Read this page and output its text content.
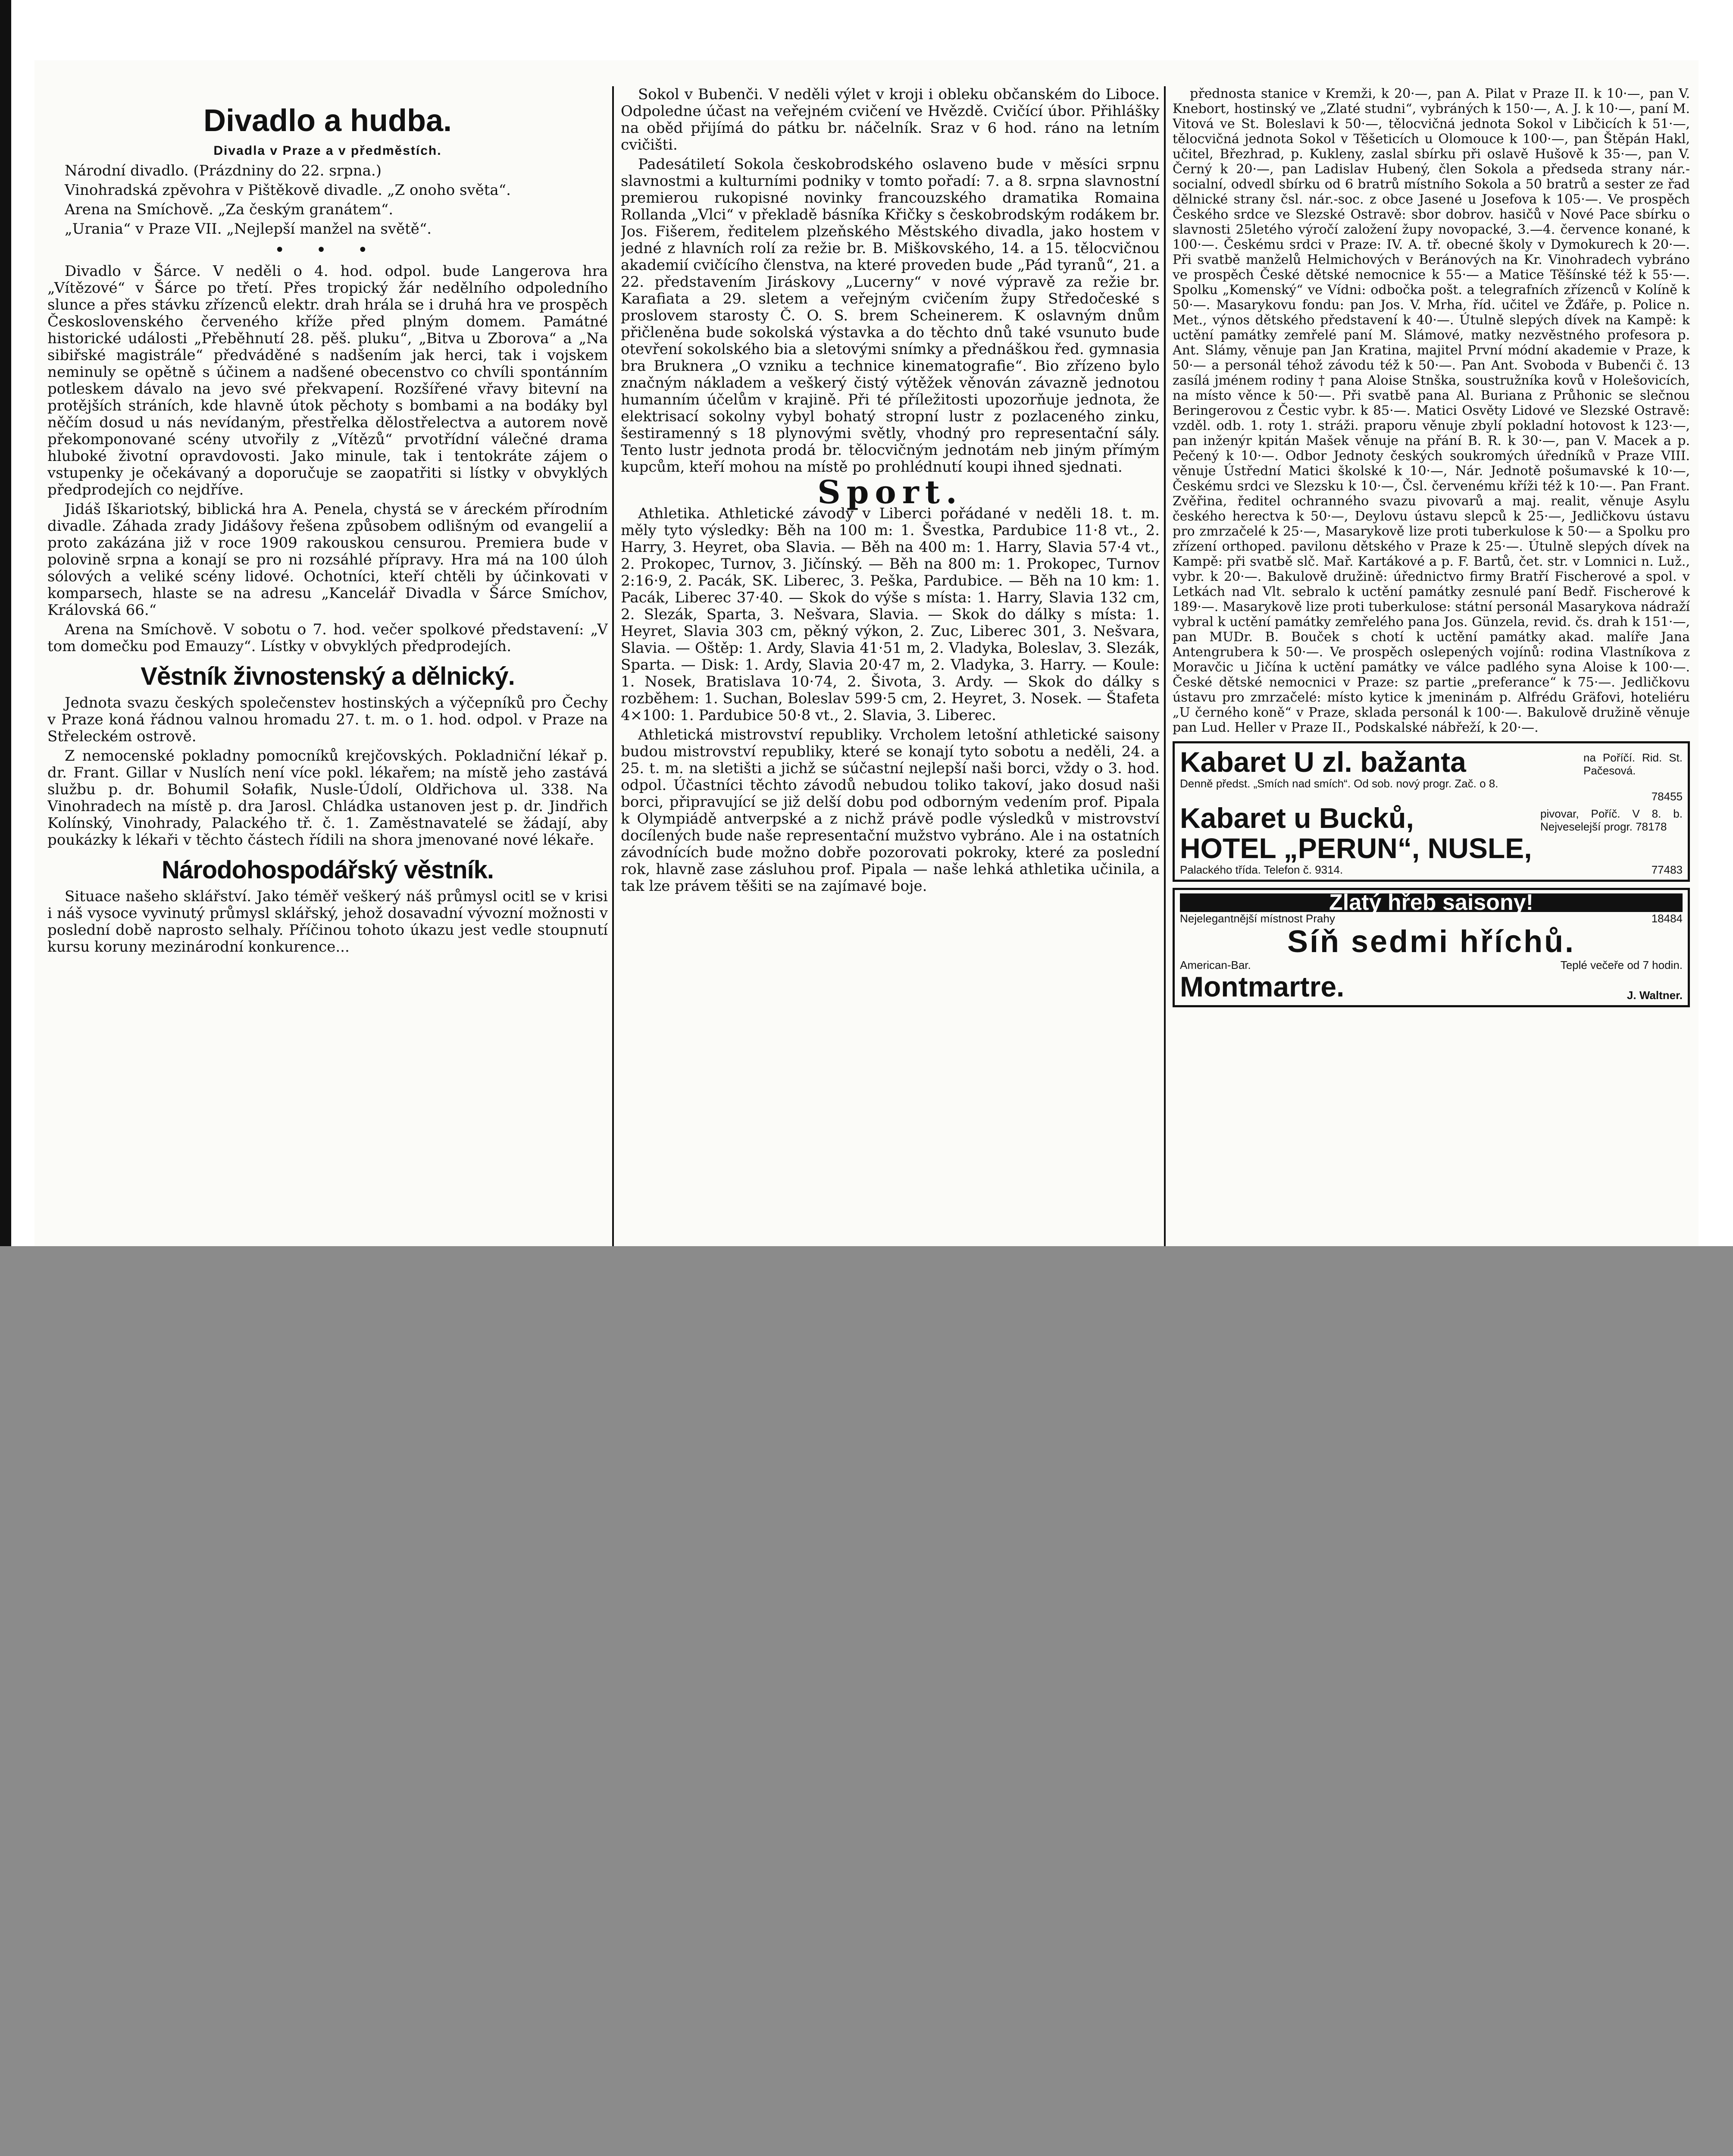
Divadlo a hudba.
Divadla v Praze a v předměstích.

Národní divadlo. (Prázdniny do 22. srpna.)

Vinohradská zpěvohra v Pištěkově divadle. „Z onoho světa“.

Arena na Smíchově. „Za českým granátem“.

„Urania“ v Praze VII. „Nejlepší manžel na světě“.

• • •

Divadlo v Šárce. V neděli o 4. hod. odpol. bude Langerova hra „Vítězové“ v Šárce po třetí. Přes tropický žár nedělního odpoledního slunce a přes stávku zřízenců elektr. drah hrála se i druhá hra ve prospěch Československého červeného kříže před plným domem. Památné historické události „Přeběhnutí 28. pěš. pluku“, „Bitva u Zborova“ a „Na sibiřské magistrále“ předváděné s nadšením jak herci, tak i vojskem neminuly se opětně s účinem a nadšené obecenstvo co chvíli spontánním potleskem dávalo na jevo své překvapení. Rozšířené vřavy bitevní na protějších stráních, kde hlavně útok pěchoty s bombami a na bodáky byl něčím dosud u nás nevídaným, přestřelka dělostřelectva a autorem nově překomponované scény utvořily z „Vítězů“ prvotřídní válečné drama hluboké životní opravdovosti. Jako minule, tak i tentokráte zájem o vstupenky je očekávaný a doporučuje se zaopatřiti si lístky v obvyklých předprodejích co nejdříve.

Jidáš Iškariotský, biblická hra A. Penela, chystá se v áreckém přírodním divadle. Záhada zrady Jidášovy řešena způsobem odlišným od evangelií a proto zakázána již v roce 1909 rakouskou censurou. Premiera bude v polovině srpna a konají se pro ni rozsáhlé přípravy. Hra má na 100 úloh sólových a veliké scény lidové. Ochotníci, kteří chtěli by účinkovati v komparsech, hlaste se na adresu „Kancelář Divadla v Šárce Smíchov, Královská 66.“

Arena na Smíchově. V sobotu o 7. hod. večer spolkové představení: „V tom domečku pod Emauzy“. Lístky v obvyklých předprodejích.

Věstník živnostenský a dělnický.

Jednota svazu českých společenstev hostinských a výčepníků pro Čechy v Praze koná řádnou valnou hromadu 27. t. m. o 1. hod. odpol. v Praze na Střeleckém ostrově.

Z nemocenské pokladny pomocníků krejčovských. Pokladniční lékař p. dr. Frant. Gillar v Nuslích není více pokl. lékařem; na místě jeho zastává službu p. dr. Bohumil Sołafik, Nusle-Údolí, Oldřichova ul. 338. Na Vinohradech na místě p. dra Jarosl. Chládka ustanoven jest p. dr. Jindřich Kolínský, Vinohrady, Palackého tř. č. 1. Zaměstnavatelé se žádají, aby poukázky k lékaři v těchto částech řídili na shora jmenované nové lékaře.

Národohospodářský věstník.

Situace našeho sklářství. Jako téměř veškerý náš průmysl ocitl se v krisi i náš vysoce vyvinutý průmysl sklářský, jehož dosavadní vývozní možnosti v poslední době naprosto selhaly. Příčinou tohoto úkazu jest vedle stoupnutí kursu koruny mezinárodní konkurence...

Sokol v Bubenči. V neděli výlet v kroji i obleku občanském do Liboce. Odpoledne účast na veřejném cvičení ve Hvězdě. Cvičící úbor. Přihlášky na oběd přijímá do pátku br. náčelník. Sraz v 6 hod. ráno na letním cvičišti.

Padesátiletí Sokola českobrodského oslaveno bude v měsíci srpnu slavnostmi a kulturními podniky v tomto pořadí: 7. a 8. srpna slavnostní premierou rukopisné novinky francouzského dramatika Romaina Rollanda „Vlci“ v překladě básníka Křičky s českobrodským rodákem br. Jos. Fišerem, ředitelem plzeňského Městského divadla, jako hostem v jedné z hlavních rolí za režie br. B. Miškovského, 14. a 15. tělocvičnou akademií cvičícího členstva, na které proveden bude „Pád tyranů“, 21. a 22. představením Jiráskovy „Lucerny“ v nové výpravě za režie br. Karafiata a 29. sletem a veřejným cvičením župy Středočeské s proslovem starosty Č. O. S. brem Scheinerem. K oslavným dnům přičleněna bude sokolská výstavka a do těchto dnů také vsunuto bude otevření sokolského bia a sletovými snímky a přednáškou řed. gymnasia bra Bruknera „O vzniku a technice kinematografie“. Bio zřízeno bylo značným nákladem a veškerý čistý výtěžek věnován závazně jednotou humanním účelům v krajině. Při té příležitosti upozorňuje jednota, že elektrisací sokolny vybyl bohatý stropní lustr z pozlaceného zinku, šestiramenný s 18 plynovými světly, vhodný pro representační sály. Tento lustr jednota prodá br. tělocvičným jednotám neb jiným přímým kupcům, kteří mohou na místě po prohlédnutí koupi ihned sjednati.

Sport.

Athletika. Athletické závody v Liberci pořádané v neděli 18. t. m. měly tyto výsledky: Běh na 100 m: 1. Švestka, Pardubice 11·8 vt., 2. Harry, 3. Heyret, oba Slavia. — Běh na 400 m: 1. Harry, Slavia 57·4 vt., 2. Prokopec, Turnov, 3. Jičínský. — Běh na 800 m: 1. Prokopec, Turnov 2:16·9, 2. Pacák, SK. Liberec, 3. Peška, Pardubice. — Běh na 10 km: 1. Pacák, Liberec 37·40. — Skok do výše s místa: 1. Harry, Slavia 132 cm, 2. Slezák, Sparta, 3. Nešvara, Slavia. — Skok do dálky s místa: 1. Heyret, Slavia 303 cm, pěkný výkon, 2. Zuc, Liberec 301, 3. Nešvara, Slavia. — Oštěp: 1. Ardy, Slavia 41·51 m, 2. Vladyka, Boleslav, 3. Slezák, Sparta. — Disk: 1. Ardy, Slavia 20·47 m, 2. Vladyka, 3. Harry. — Koule: 1. Nosek, Bratislava 10·74, 2. Šivota, 3. Ardy. — Skok do dálky s rozběhem: 1. Suchan, Boleslav 599·5 cm, 2. Heyret, 3. Nosek. — Štafeta 4×100: 1. Pardubice 50·8 vt., 2. Slavia, 3. Liberec.

Athletická mistrovství republiky. Vrcholem letošní athletické saisony budou mistrovství republiky, které se konají tyto sobotu a neděli, 24. a 25. t. m. na sletišti a jichž se súčastní nejlepší naši borci, vždy o 3. hod. odpol. Účastníci těchto závodů nebudou toliko takoví, jako dosud naši borci, připravující se již delší dobu pod odborným vedením prof. Pipala k Olympiádě antverpské a z nichž právě podle výsledků v mistrovství docílených bude naše representační mužstvo vybráno. Ale i na ostatních závodnících bude možno dobře pozorovati pokroky, které za poslední rok, hlavně zase zásluhou prof. Pipala — naše lehká athletika učinila, a tak lze právem těšiti se na zajímavé boje.

přednosta stanice v Kremži, k 20·—, pan A. Pilat v Praze II. k 10·—, pan V. Knebort, hostinský ve „Zlaté studni“, vybráných k 150·—, A. J. k 10·—, paní M. Vitová ve St. Boleslavi k 50·—, tělocvičná jednota Sokol v Libčicích k 51·—, tělocvičná jednota Sokol v Těšeticích u Olomouce k 100·—, pan Štěpán Hakl, učitel, Březhrad, p. Kukleny, zaslal sbírku při oslavě Hušově k 35·—, pan V. Černý k 20·—, pan Ladislav Hubený, člen Sokola a předseda strany nár.-socialní, odvedl sbírku od 6 bratrů místního Sokola a 50 bratrů a sester ze řad dělnické strany čsl. nár.-soc. z obce Jasené u Josefova k 105·—. Ve prospěch Českého srdce ve Slezské Ostravě: sbor dobrov. hasičů v Nové Pace sbírku o slavnosti 25letého výročí založení župy novopacké, 3.—4. července konané, k 100·—. Českému srdci v Praze: IV. A. tř. obecné školy v Dymokurech k 20·—. Při svatbě manželů Helmichových v Beránových na Kr. Vinohradech vybráno ve prospěch České dětské nemocnice k 55·— a Matice Těšínské též k 55·—. Spolku „Komenský“ ve Vídni: odbočka pošt. a telegrafních zřízenců v Kolíně k 50·—. Masarykovu fondu: pan Jos. V. Mrha, říd. učitel ve Žďáře, p. Police n. Met., výnos dětského představení k 40·—. Útulně slepých dívek na Kampě: k uctění památky zemřelé paní M. Slámové, matky nezvěstného profesora p. Ant. Slámy, věnuje pan Jan Kratina, majitel První módní akademie v Praze, k 50·— a personál téhož závodu též k 50·—. Pan Ant. Svoboda v Bubenči č. 13 zasílá jménem rodiny † pana Aloise Stnška, soustružníka kovů v Holešovicích, na místo věnce k 50·—. Při svatbě pana Al. Buriana z Průhonic se slečnou Beringerovou z Čestic vybr. k 85·—. Matici Osvěty Lidové ve Slezské Ostravě: vzděl. odb. 1. roty 1. stráži. praporu věnuje zbylí pokladní hotovost k 123·—, pan inženýr kpitán Mašek věnuje na přání B. R. k 30·—, pan V. Macek a p. Pečený k 10·—. Odbor Jednoty českých soukromých úředníků v Praze VIII. věnuje Ústřední Matici školské k 10·—, Nár. Jednotě pošumavské k 10·—, Českému srdci ve Slezsku k 10·—, Čsl. červenému kříži též k 10·—. Pan Frant. Zvěřina, ředitel ochranného svazu pivovarů a maj. realit, věnuje Asylu českého herectva k 50·—, Deylovu ústavu slepců k 25·—, Jedličkovu ústavu pro zmrzačelé k 25·—, Masarykově lize proti tuberkulose k 50·— a Spolku pro zřízení orthoped. pavilonu dětského v Praze k 25·—. Útulně slepých dívek na Kampě: při svatbě slč. Mař. Kartákové a p. F. Bartů, čet. str. v Lomnici n. Luž., vybr. k 20·—. Bakulově družině: úřednictvo firmy Bratří Fischerové a spol. v Letkách nad Vlt. sebralo k uctění památky zesnulé paní Bedř. Fischerové k 189·—. Masarykově lize proti tuberkulose: státní personál Masarykova nádraží vybral k uctění památky zemřelého pana Jos. Günzela, revid. čs. drah k 151·—, pan MUDr. B. Bouček s chotí k uctění památky akad. malíře Jana Antengrubera k 50·—. Ve prospěch oslepených vojínů: rodina Vlastníkova z Moravčic u Jičína k uctění památky ve válce padlého syna Aloise k 100·—. České dětské nemocnici v Praze: sz partie „preferance“ k 75·—. Jedličkovu ústavu pro zmrzačelé: místo kytice k jmeninám p. Alfrédu Gräfovi, hoteliéru „U černého koně“ v Praze, sklada personál k 100·—. Bakulově družině věnuje pan Lud. Heller v Praze II., Podskalské nábřeží, k 20·—.

Kabaret U zl. bažanta	na Poříčí. Rid. St. Pačesová.
Denně předst. „Smích nad smích“. Od sob. nový progr. Zač. o 8.
78455
Kabaret u Bucků,	pivovar, Poříč. V 8. b. Nejveselejší progr. 78178
HOTEL „PERUN“, NUSLE,
Palackého třída. Telefon č. 9314.	77483
Zlatý hřeb saisony!
Nejelegantnější místnost Prahy	18484
Síň sedmi hříchů.
American-Bar.	Teplé večeře od 7 hodin.
Montmartre.	J. Waltner.
